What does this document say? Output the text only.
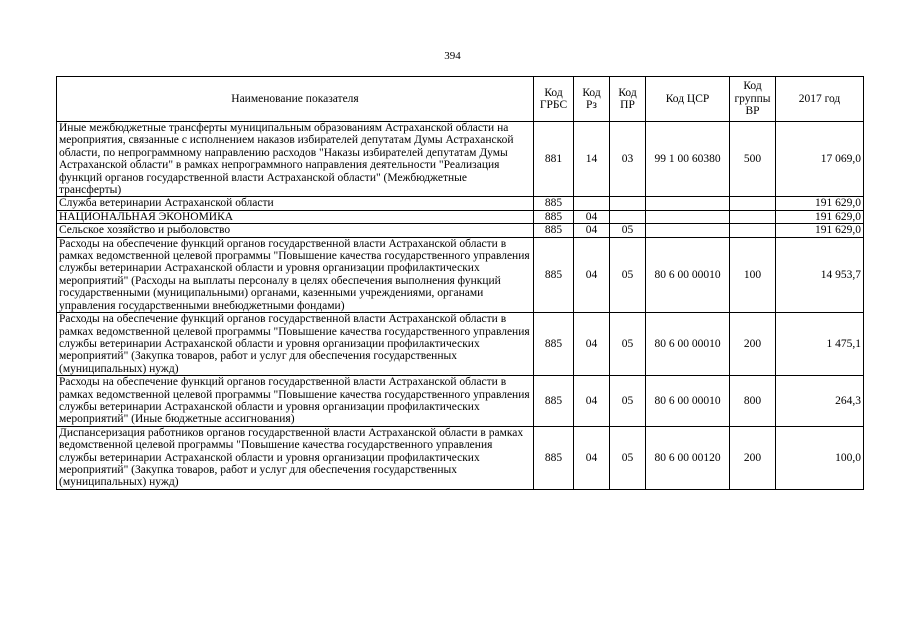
394
Наименование показателя	Код ГРБС	Код Рз	Код ПР	Код ЦСР	Код группы ВР	2017 год
Иные межбюджетные трансферты муниципальным образованиям Астраханской области на мероприятия, связанные с исполнением наказов избирателей депутатам Думы Астраханской области, по непрограммному направлению расходов "Наказы избирателей депутатам Думы Астраханской области" в рамках непрограммного направления деятельности "Реализация функций органов государственной власти Астраханской области" (Межбюджетные трансферты)	881	14	03	99 1 00 60380	500	17 069,0
Служба ветеринарии Астраханской области	885					191 629,0
НАЦИОНАЛЬНАЯ ЭКОНОМИКА	885	04				191 629,0
Сельское хозяйство и рыболовство	885	04	05			191 629,0
Расходы на обеспечение функций органов государственной власти Астраханской области в рамках ведомственной целевой программы "Повышение качества государственного управления службы ветеринарии Астраханской области и уровня организации профилактических мероприятий" (Расходы на выплаты персоналу в целях обеспечения выполнения функций государственными (муниципальными) органами, казенными учреждениями, органами управления государственными внебюджетными фондами)	885	04	05	80 6 00 00010	100	14 953,7
Расходы на обеспечение функций органов государственной власти Астраханской области в рамках ведомственной целевой программы "Повышение качества государственного управления службы ветеринарии Астраханской области и уровня организации профилактических мероприятий" (Закупка товаров, работ и услуг для обеспечения государственных (муниципальных) нужд)	885	04	05	80 6 00 00010	200	1 475,1
Расходы на обеспечение функций органов государственной власти Астраханской области в рамках ведомственной целевой программы "Повышение качества государственного управления службы ветеринарии Астраханской области и уровня организации профилактических мероприятий" (Иные бюджетные ассигнования)	885	04	05	80 6 00 00010	800	264,3
Диспансеризация работников органов государственной власти Астраханской области в рамках ведомственной целевой программы "Повышение качества государственного управления службы ветеринарии Астраханской области и уровня организации профилактических мероприятий" (Закупка товаров, работ и услуг для обеспечения государственных (муниципальных) нужд)	885	04	05	80 6 00 00120	200	100,0
